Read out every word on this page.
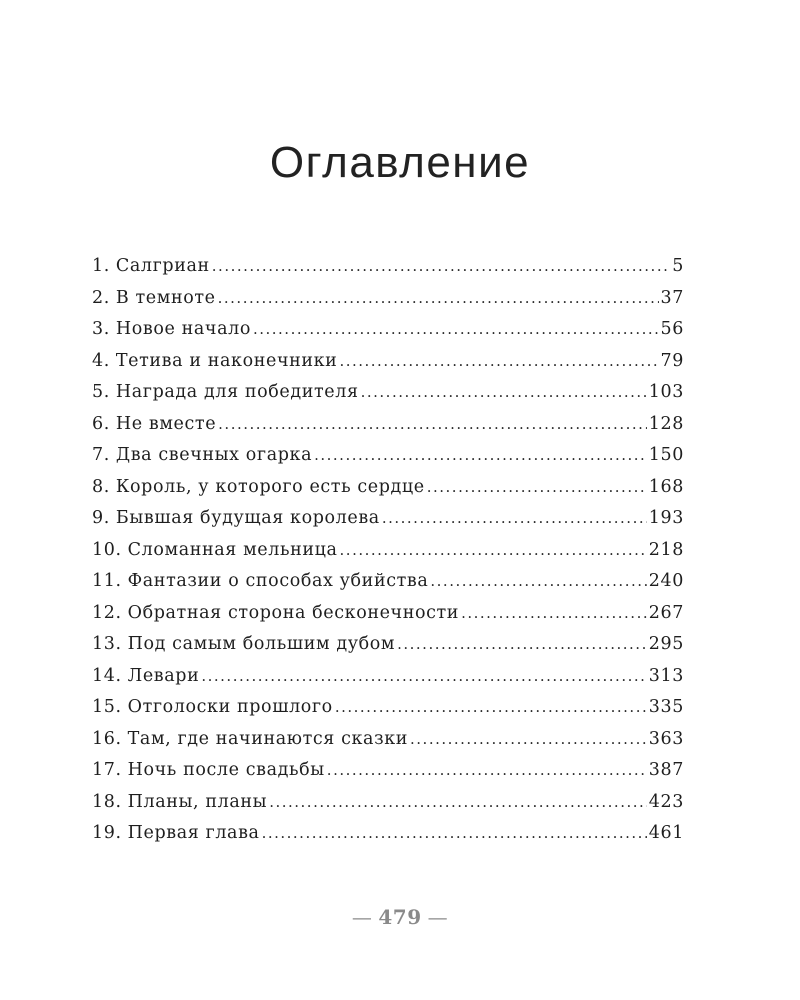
Оглавление
1. Салгриан .....	5
2. В темноте .....	37
3. Новое начало .....	56
4. Тетива и наконечники .....	79
5. Награда для победителя .....	103
6. Не вместе .....	128
7. Два свечных огарка .....	150
8. Король, у которого есть сердце .....	168
9. Бывшая будущая королева .....	193
10. Сломанная мельница .....	218
11. Фантазии о способах убийства .....	240
12. Обратная сторона бесконечности .....	267
13. Под самым большим дубом .....	295
14. Левари .....	313
15. Отголоски прошлого .....	335
16. Там, где начинаются сказки .....	363
17. Ночь после свадьбы .....	387
18. Планы, планы .....	423
19. Первая глава .....	461
— 479 —
